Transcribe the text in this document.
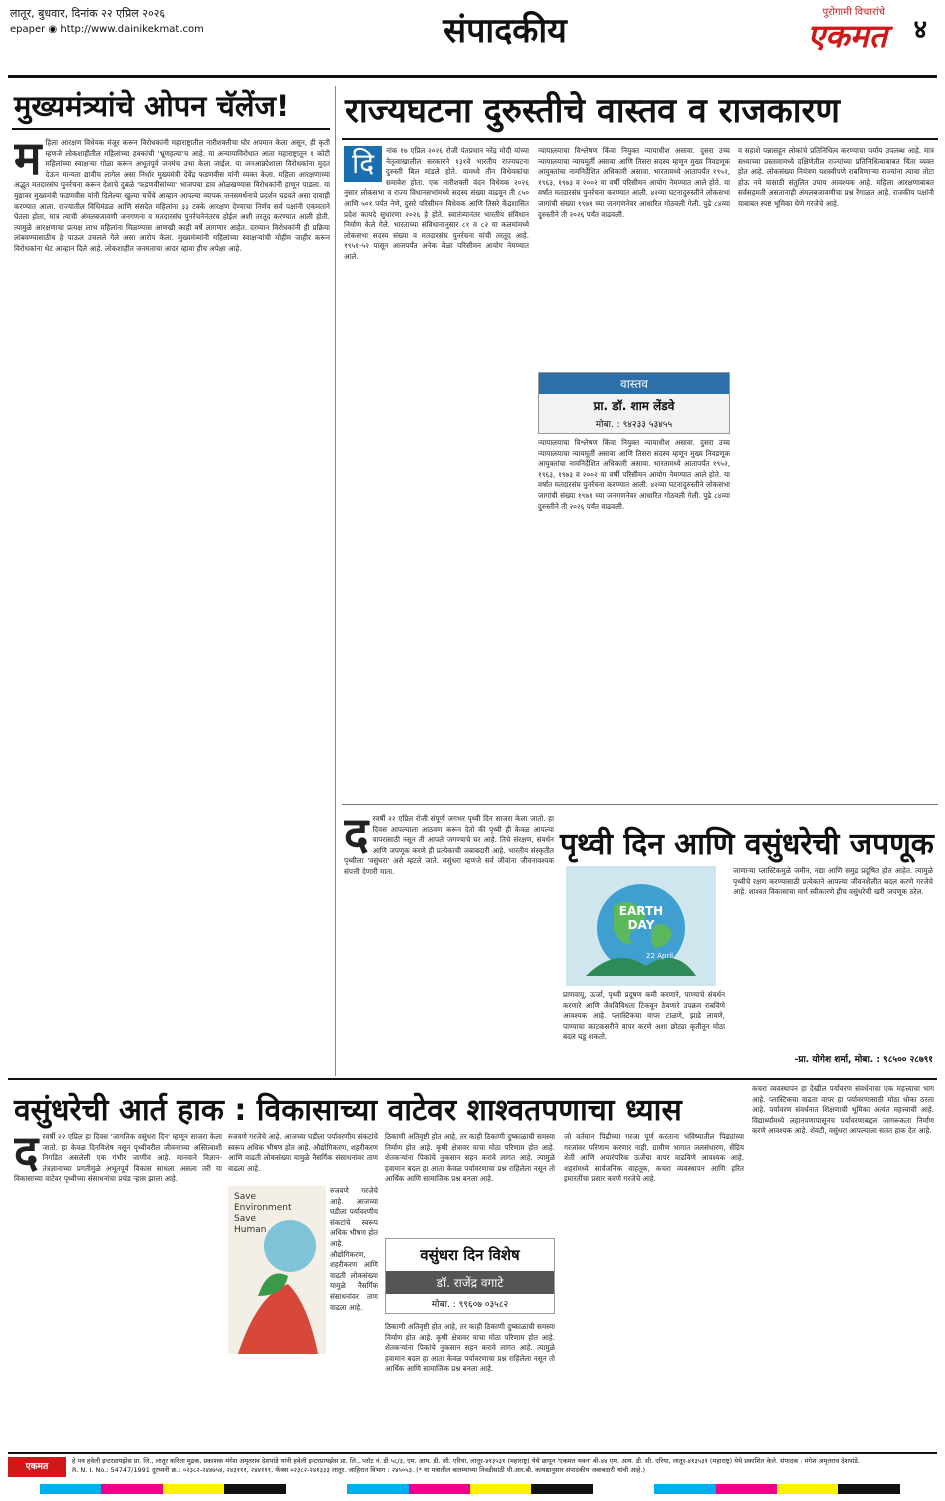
लातूर, बुधवार, दिनांक २२ एप्रिल २०२६
epaper ◉ http://www.dainikekmat.com	संपादकीय	पुरोगामी विचारांचे
एकमत ४
मुख्यमंत्र्यांचे ओपन चॅलेंज!
म हिला आरक्षण विधेयक मंजूर करून विरोधकांनी महाराष्ट्रातील नारीशक्तीचा घोर अपमान केला असून, ही कृती म्हणजे लोकशाहीतील महिलांच्या हक्कांची 'भ्रूणहत्या'च आहे. या अन्यायाविरोधात आता महाराष्ट्रातून १ कोटी महिलांच्या स्वाक्षऱ्या गोळा करून अभूतपूर्व जनमंच उभा केला जाईल. या जनआक्रोशाला विरोधकांना मुदत देऊन मान्यता द्यावीच लागेल असा निर्धार मुख्यमंत्री देवेंद्र फडणवीस यांनी व्यक्त केला. महिला आरक्षणाच्या अद्भुत मतदारसंघ पुनर्रचना करून देशाचे दुबळे 'फडणवीसांच्या' भाजपचा डाव ओळखण्यास विरोधकांनी हाणून पाडला. या मुद्यावर मुख्यमंत्री फडणवीस यांनी दिलेल्या खुल्या चर्चेचे आव्हान आपल्या व्यापक जनसमर्थनाचे प्रदर्शन घडवते असा दावाही करण्यात आला. राज्यातील विधिमंडळ आणि संसदेत महिलांना ३३ टक्के आरक्षण देण्याचा निर्णय सर्व पक्षांनी एकमताने घेतला होता, मात्र त्याची अंमलबजावणी जनगणना व मतदारसंघ पुनर्रचनेनंतरच होईल अशी तरतूद करण्यात आली होती. त्यामुळे आरक्षणाचा प्रत्यक्ष लाभ महिलांना मिळण्यास आणखी काही वर्षे लागणार आहेत. दरम्यान विरोधकांनी ही प्रक्रिया लांबवण्यासाठीच हे पाऊल उचलले गेले असा आरोप केला. मुख्यमंत्र्यांनी महिलांच्या स्वाक्षऱ्यांची मोहीम जाहीर करून विरोधकांना थेट आव्हान दिले आहे. लोकशाहीत जनमताचा आदर व्हावा हीच अपेक्षा आहे.
राज्यघटना दुरुस्तीचे वास्तव व राजकारण
दि	नांक १७ एप्रिल २०२६ रोजी पंतप्रधान नरेंद्र मोदी यांच्या नेतृत्वाखालील सरकारने १३१वे भारतीय राज्यघटना दुरुस्ती बिल मांडले होते. यामध्ये तीन विधेयकांचा समावेश होता. एक नारीशक्ती वंदन विधेयक २०२६ नुसार लोकसभा व राज्य विधानसभांमध्ये सदस्य संख्या वाढवून ती ८५० आणि ५०१ पर्यंत नेणे, दुसरे परिसीमन विधेयक आणि तिसरे केंद्रशासित प्रदेश कायदे सुधारणा २०२६ हे होते. स्वातंत्र्यानंतर भारतीय संविधान निर्माण केले गेले. भारताच्या संविधानानुसार ८१ व ८२ या कलमांमध्ये लोकसभा सदस्य संख्या व मतदारसंघ पुनर्रचना यांची तरतूद आहे. १९५१-५२ पासून आजपर्यंत अनेक वेळा परिसीमन आयोग नेमण्यात आले.
न्यायालयाचा विश्लेषण किंवा नियुक्त न्यायाधीश असावा. दुसरा उच्च न्यायालयाचा न्यायमूर्ती असावा आणि तिसरा सदस्य म्हणून मुख्य निवडणूक आयुक्तांचा नामनिर्देशित अधिकारी असावा. भारतामध्ये आतापर्यंत १९५२, १९६३, १९७३ व २००२ या वर्षी परिसीमन आयोग नेमण्यात आले होते. या वर्षांत मतदारसंघ पुनर्रचना करण्यात आली. ४२व्या घटनादुरुस्तीने लोकसभा जागांची संख्या १९७१ च्या जनगणनेवर आधारित गोठवली गेली. पुढे ८४व्या दुरुस्तीने ती २०२६ पर्यंत वाढवली.
वास्तव
प्रा. डॉ. शाम लेंडवे
मोबा. : ९४२३३ ५३४५५
न्यायालयाचा विश्लेषण किंवा नियुक्त न्यायाधीश असावा. दुसरा उच्च न्यायालयाचा न्यायमूर्ती असावा आणि तिसरा सदस्य म्हणून मुख्य निवडणूक आयुक्तांचा नामनिर्देशित अधिकारी असावा. भारतामध्ये आतापर्यंत १९५२, १९६३, १९७३ व २००२ या वर्षी परिसीमन आयोग नेमण्यात आले होते. या वर्षांत मतदारसंघ पुनर्रचना करण्यात आली. ४२व्या घटनादुरुस्तीने लोकसभा जागांची संख्या १९७१ च्या जनगणनेवर आधारित गोठवली गेली. पुढे ८४व्या दुरुस्तीने ती २०२६ पर्यंत वाढवली.
व सहाशे पन्नासहून लोकांचे प्रतिनिधित्व करण्याचा पर्याय उपलब्ध आहे. मात्र सध्याच्या प्रस्तावामध्ये दक्षिणेतील राज्यांच्या प्रतिनिधित्वाबाबत चिंता व्यक्त होत आहे. लोकसंख्या नियंत्रण यशस्वीपणे राबविणाऱ्या राज्यांना त्याचा तोटा होऊ नये यासाठी संतुलित उपाय आवश्यक आहे. महिला आरक्षणाबाबत सर्वसहमती असतानाही अंमलबजावणीचा प्रश्न रेंगाळत आहे. राजकीय पक्षांनी याबाबत स्पष्ट भूमिका घेणे गरजेचे आहे.
द रवर्षी २२ एप्रिल रोजी संपूर्ण जगभर पृथ्वी दिन साजरा केला जातो. हा दिवस आपल्याला आठवण करून देतो की पृथ्वी ही केवळ आपल्या वापरासाठी नसून ती आपले जगण्याचे घर आहे. तिचे संरक्षण, संवर्धन आणि जपणूक करणे ही प्रत्येकाची जबाबदारी आहे. भारतीय संस्कृतीत पृथ्वीला 'वसुंधरा' असे म्हटले जाते. वसुंधरा म्हणजे सर्व जीवांना जीवनावश्यक संपत्ती देणारी माता.
पृथ्वी दिन आणि वसुंधरेची जपणूक
EARTH DAY
22 April
प्राणवायू, ऊर्जा, पृथ्वी प्रदूषण कमी करणारे, पाण्याचे संवर्धन करणारे आणि जैवविविधता टिकवून ठेवणारे उपक्रम राबविणे आवश्यक आहे. प्लास्टिकचा वापर टाळणे, झाडे लावणे, पाण्याचा काटकसरीने वापर करणे अशा छोट्या कृतीतून मोठा बदल घडू शकतो.
जाणाऱ्या प्लास्टिकमुळे जमीन, नद्या आणि समुद्र प्रदूषित होत आहेत. त्यामुळे पृथ्वीचे रक्षण करण्यासाठी प्रत्येकाने आपल्या जीवनशैलीत बदल करणे गरजेचे आहे. शाश्वत विकासाचा मार्ग स्वीकारणे हीच वसुंधरेची खरी जपणूक ठरेल.
-प्रा. योगेश शर्मा, मोबा. : ९८५०० २८७९१
वसुंधरेची आर्त हाक : विकासाच्या वाटेवर शाश्वतपणाचा ध्यास
द रवर्षी २२ एप्रिल हा दिवस 'जागतिक वसुंधरा दिन' म्हणून साजरा केला जातो. हा केवळ दिनविशेष नसून पृथ्वीवरील जीवनाच्या अस्तित्वाशी निगडित असलेली एक गंभीर जाणीव आहे. मानवाने विज्ञान-तंत्रज्ञानाच्या प्रगतीमुळे अभूतपूर्व विकास साधला असला तरी या विकासाच्या वाटेवर पृथ्वीच्या संसाधनांचा प्रचंड ऱ्हास झाला आहे.
रुजवणे गरजेचे आहे. आजच्या घडीला पर्यावरणीय संकटांचे स्वरूप अधिक भीषण होत आहे. औद्योगिकरण, शहरीकरण आणि वाढती लोकसंख्या यामुळे नैसर्गिक संसाधनांवर ताण वाढला आहे.
Save
Environment
Save
Human
रुजवणे गरजेचे आहे. आजच्या घडीला पर्यावरणीय संकटांचे स्वरूप अधिक भीषण होत आहे. औद्योगिकरण, शहरीकरण आणि वाढती लोकसंख्या यामुळे नैसर्गिक संसाधनांवर ताण वाढला आहे.
ठिकाणी अतिवृष्टी होत आहे, तर काही ठिकाणी दुष्काळाची समस्या निर्माण होत आहे. कृषी क्षेत्रावर याचा मोठा परिणाम होत आहे. शेतकऱ्यांना पिकांचे नुकसान सहन करावे लागत आहे. त्यामुळे हवामान बदल हा आता केवळ पर्यावरणाचा प्रश्न राहिलेला नसून तो आर्थिक आणि सामाजिक प्रश्न बनला आहे.
वसुंधरा दिन विशेष
डॉ. राजेंद्र वगाटे
मोबा. : ९९६०७ ०३५८२
ठिकाणी अतिवृष्टी होत आहे, तर काही ठिकाणी दुष्काळाची समस्या निर्माण होत आहे. कृषी क्षेत्रावर याचा मोठा परिणाम होत आहे. शेतकऱ्यांना पिकांचे नुकसान सहन करावे लागत आहे. त्यामुळे हवामान बदल हा आता केवळ पर्यावरणाचा प्रश्न राहिलेला नसून तो आर्थिक आणि सामाजिक प्रश्न बनला आहे.
जो वर्तमान पिढीच्या गरजा पूर्ण करताना भविष्यातील पिढ्यांच्या गरजांवर परिणाम करणार नाही. ग्रामीण भागात जलसंधारण, सेंद्रिय शेती आणि अपारंपरिक ऊर्जेचा वापर वाढविणे आवश्यक आहे. शहरांमध्ये सार्वजनिक वाहतूक, कचरा व्यवस्थापन आणि हरित इमारतींचा प्रसार करणे गरजेचे आहे.
कचरा व्यवस्थापन हा देखील पर्यावरण संवर्धनाचा एक महत्त्वाचा भाग आहे. प्लास्टिकचा वाढता वापर हा पर्यावरणासाठी मोठा धोका ठरला आहे. पर्यावरण संवर्धनात शिक्षणाची भूमिका अत्यंत महत्त्वाची आहे. विद्यार्थ्यांमध्ये लहानपणापासूनच पर्यावरणाबद्दल जागरूकता निर्माण करणे आवश्यक आहे. शेवटी, वसुंधरा आपल्याला सतत हाक देत आहे.
एकमत
हे पत्र हवेली इन्टरप्रायझेस प्रा. लि., लातूर करिता मुद्रक, प्रकाशक मंगेश अमृतराव देशपांडे यांनी हवेली इन्टरप्रायझेस प्रा. लि., प्लॉट नं. डी ५८/३, एम. आय. डी. सी. एरिया, लातूर-४१३५३१ (महाराष्ट्र) येथे छापून 'एकमत भवन' बी-४४ एम. आय. डी. सी. एरिया, लातूर-४१३५३१ (महाराष्ट्र) येथे प्रकाशित केले. संपादक : मंगेश अमृतराव देशपांडे.
R. N. I. No.: 54747/1991 दूरध्वनी क्र.: ०२३८२-२४४७५४, २४३१११, २४४१११, फॅक्स ०२३८२-२४१३३३ लातूर. जाहिरात विभाग : २४५०५३. (* या पत्रातील बातम्यांच्या निवडीसाठी पी.आर.बी. कायद्यानुसार संपादकीय जबाबदारी यांची आहे.)
